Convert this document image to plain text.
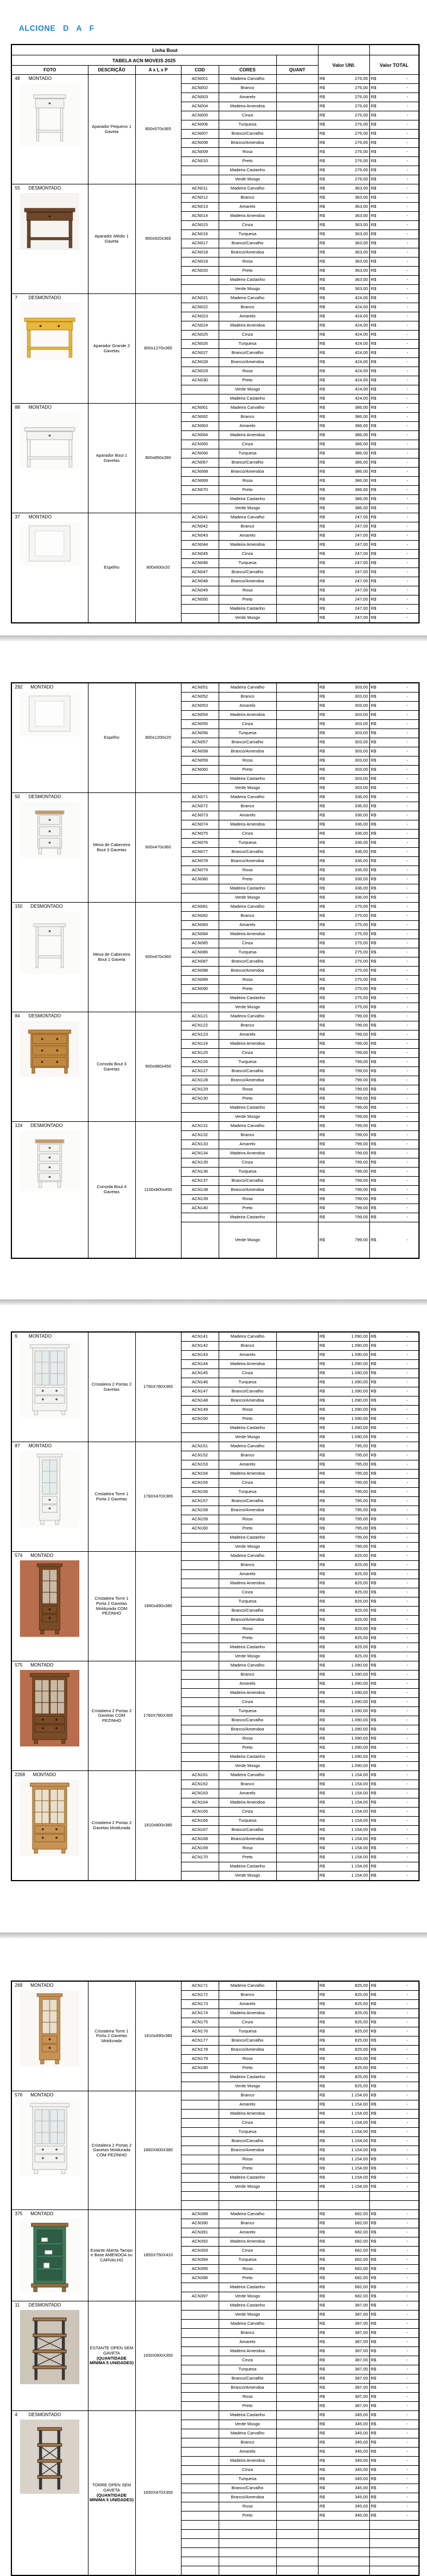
ALCIONE D A F
Linha Bout							
TABELA ACN MOVEIS 2025						Valor UNI.	Valor TOTAL
FOTO	DESCRIÇÃO	A x L x P	COD	CORES	QUANT		

48 MONTADO	Aparador Pequeno 1 Gaveta	800x570x365	ACN001	Madeira Carvalho		R$ 276,00	R$ -

			ACN002	Branco		R$ 276,00	R$ -

			ACN003	Amarelo		R$ 276,00	R$ -

			ACN004	Madeira Amendoa		R$ 276,00	R$ -

			ACN005	Cinza		R$ 276,00	R$ -

			ACN006	Turquesa		R$ 276,00	R$ -

			ACN007	Branco/Carvalho		R$ 276,00	R$ -

			ACN008	Branco/Amendoa		R$ 276,00	R$ -

			ACN009	Rosa		R$ 276,00	R$ -

			ACN010	Preto		R$ 276,00	R$ -

				Madeira Castanho		R$ 276,00	R$ -

				Verde Musgo		R$ 276,00	R$ -

55 DESMONTADO	Aparador Médio 1 Gaveta	800x920x365	ACN011	Madeira Carvalho		R$ 363,00	R$ -

			ACN012	Branco		R$ 363,00	R$ -

			ACN013	Amarelo		R$ 363,00	R$ -

			ACN014	Madeira Amendoa		R$ 363,00	R$ -

			ACN015	Cinza		R$ 363,00	R$ -

			ACN016	Turquesa		R$ 363,00	R$ -

			ACN017	Branco/Carvalho		R$ 363,00	R$ -

			ACN018	Branco/Amendoa		R$ 363,00	R$ -

			ACN019	Rosa		R$ 363,00	R$ -

			ACN020	Preto		R$ 363,00	R$ -

				Madeira Castanho		R$ 363,00	R$ -

				Verde Musgo		R$ 363,00	R$ -

7 DESMONTADO	Aparador Grande 2 Gavetas	800x1270x365	ACN021	Madeira Carvalho		R$ 424,00	R$ -

			ACN022	Branco		R$ 424,00	R$ -

			ACN023	Amarelo		R$ 424,00	R$ -

			ACN024	Madeira Amendoa		R$ 424,00	R$ -

			ACN025	Cinza		R$ 424,00	R$ -

			ACN026	Turquesa		R$ 424,00	R$ -

			ACN027	Branco/Carvalho		R$ 424,00	R$ -

			ACN028	Branco/Amendoa		R$ 424,00	R$ -

			ACN029	Rosa		R$ 424,00	R$ -

			ACN030	Preto		R$ 424,00	R$ -

				Verde Musgo		R$ 424,00	R$ -

				Madeira Castanho		R$ 424,00	R$ -

88 MONTADO	Aparador Bout 1 Gavetas	800x850x390	ACN061	Madeira Carvalho		R$ 386,00	R$ -

			ACN062	Branco		R$ 386,00	R$ -

			ACN063	Amarelo		R$ 386,00	R$ -

			ACN064	Madeira Amendoa		R$ 386,00	R$ -

			ACN065	Cinza		R$ 386,00	R$ -

			ACN066	Turquesa		R$ 386,00	R$ -

			ACN067	Branco/Carvalho		R$ 386,00	R$ -

			ACN068	Branco/Amendoa		R$ 386,00	R$ -

			ACN069	Rosa		R$ 386,00	R$ -

			ACN070	Preto		R$ 386,00	R$ -

				Madeira Castanho		R$ 386,00	R$ -

				Verde Musgo		R$ 386,00	R$ -

37 MONTADO	Espelho	800x600x20	ACN041	Madeira Carvalho		R$ 247,00	R$ -

			ACN042	Branco		R$ 247,00	R$ -

			ACN043	Amarelo		R$ 247,00	R$ -

			ACN044	Madeira Amendoa		R$ 247,00	R$ -

			ACN045	Cinza		R$ 247,00	R$ -

			ACN046	Turquesa		R$ 247,00	R$ -

			ACN047	Branco/Carvalho		R$ 247,00	R$ -

			ACN048	Branco/Amendoa		R$ 247,00	R$ -

			ACN049	Rosa		R$ 247,00	R$ -

			ACN050	Preto		R$ 247,00	R$ -

				Madeira Castanho		R$ 247,00	R$ -

				Verde Musgo		R$ 247,00	R$ -
292 MONTADO	Espelho	800x1200x20	ACN051	Madeira Carvalho		R$ 303,00	R$ -

			ACN052	Branco		R$ 303,00	R$ -

			ACN053	Amarelo		R$ 303,00	R$ -

			ACN054	Madeira Amendoa		R$ 303,00	R$ -

			ACN055	Cinza		R$ 303,00	R$ -

			ACN056	Turquesa		R$ 303,00	R$ -

			ACN057	Branco/Carvalho		R$ 303,00	R$ -

			ACN058	Branco/Amendoa		R$ 303,00	R$ -

			ACN059	Rosa		R$ 303,00	R$ -

			ACN060	Preto		R$ 303,00	R$ -

				Madeira Castanho		R$ 303,00	R$ -

				Verde Musgo		R$ 303,00	R$ -

50 DESMONTADO	Mesa de Cabeceira Bout 3 Gavetas	600x470x360	ACN071	Madeira Carvalho		R$ 336,00	R$ -

			ACN072	Branco		R$ 336,00	R$ -

			ACN073	Amarelo		R$ 336,00	R$ -

			ACN074	Madeira Amendoa		R$ 336,00	R$ -

			ACN075	Cinza		R$ 336,00	R$ -

			ACN076	Turquesa		R$ 336,00	R$ -

			ACN077	Branco/Carvalho		R$ 336,00	R$ -

			ACN078	Branco/Amendoa		R$ 336,00	R$ -

			ACN079	Rosa		R$ 336,00	R$ -

			ACN080	Preto		R$ 336,00	R$ -

				Madeira Castanho		R$ 336,00	R$ -

				Verde Musgo		R$ 336,00	R$ -

150 DESMONTADO	Mesa de Cabeceira Bout 1 Gaveta	600x470x360	ACN081	Madeira Carvalho		R$ 275,00	R$ -

			ACN082	Branco		R$ 275,00	R$ -

			ACN083	Amarelo		R$ 275,00	R$ -

			ACN084	Madeira Amendoa		R$ 275,00	R$ -

			ACN085	Cinza		R$ 275,00	R$ -

			ACN086	Turquesa		R$ 275,00	R$ -

			ACN087	Branco/Carvalho		R$ 275,00	R$ -

			ACN088	Branco/Amendoa		R$ 275,00	R$ -

			ACN089	Rosa		R$ 275,00	R$ -

			ACN090	Preto		R$ 275,00	R$ -

				Madeira Castanho		R$ 275,00	R$ -

				Verde Musgo		R$ 275,00	R$ -

84 DESMONTADO	Comoda Bout 3 Gavetas	900x980x450	ACN121	Madeira Carvalho		R$ 799,00	R$ -

			ACN122	Branco		R$ 799,00	R$ -

			ACN123	Amarelo		R$ 799,00	R$ -

			ACN124	Madeira Amendoa		R$ 799,00	R$ -

			ACN125	Cinza		R$ 799,00	R$ -

			ACN126	Turquesa		R$ 799,00	R$ -

			ACN127	Branco/Carvalho		R$ 799,00	R$ -

			ACN128	Branco/Amendoa		R$ 799,00	R$ -

			ACN129	Rosa		R$ 799,00	R$ -

			ACN130	Preto		R$ 799,00	R$ -

				Madeira Castanho		R$ 799,00	R$ -

				Verde Musgo		R$ 799,00	R$ -

124 DESMONTADO	Comoda Bout 4 Gavetas	1100x800x450	ACN131	Madeira Carvalho		R$ 799,00	R$ -

			ACN132	Branco		R$ 799,00	R$ -

			ACN133	Amarelo		R$ 799,00	R$ -

			ACN134	Madeira Amendoa		R$ 799,00	R$ -

			ACN135	Cinza		R$ 799,00	R$ -

			ACN136	Turquesa		R$ 799,00	R$ -

			ACN137	Branco/Carvalho		R$ 799,00	R$ -

			ACN138	Branco/Amendoa		R$ 799,00	R$ -

			ACN139	Rosa		R$ 799,00	R$ -

			ACN140	Preto		R$ 799,00	R$ -

				Madeira Castanho		R$ 799,00	R$ -

				Verde Musgo		R$ 799,00	R$ -
6 MONTADO	Cristaleira 2 Portas 2 Gavetas	1760X780X365	ACN141	Madeira Carvalho		R$ 1.090,00	R$ -

			ACN142	Branco		R$ 1.090,00	R$ -

			ACN143	Amarelo		R$ 1.090,00	R$ -

			ACN144	Madeira Amendoa		R$ 1.090,00	R$ -

			ACN145	Cinza		R$ 1.090,00	R$ -

			ACN146	Turquesa		R$ 1.090,00	R$ -

			ACN147	Branco/Carvalho		R$ 1.090,00	R$ -

			ACN148	Branco/Amendoa		R$ 1.090,00	R$ -

			ACN149	Rosa		R$ 1.090,00	R$ -

			ACN150	Preto		R$ 1.090,00	R$ -

				Madeira Castanho		R$ 1.090,00	R$ -

				Verde Musgo		R$ 1.090,00	R$ -

87 MONTADO	Cristaleira Torre 1 Porta 2 Gavetas	1760X470X365	ACN151	Madeira Carvalho		R$ 795,00	R$ -

			ACN152	Branco		R$ 795,00	R$ -

			ACN153	Amarelo		R$ 795,00	R$ -

			ACN154	Madeira Amendoa		R$ 795,00	R$ -

			ACN155	Cinza		R$ 795,00	R$ -

			ACN156	Turquesa		R$ 795,00	R$ -

			ACN157	Branco/Carvalho		R$ 795,00	R$ -

			ACN158	Branco/Amendoa		R$ 795,00	R$ -

			ACN159	Rosa		R$ 795,00	R$ -

			ACN160	Preto		R$ 795,00	R$ -

				Madeira Castanho		R$ 795,00	R$ -

				Verde Musgo		R$ 795,00	R$ -

574 MONTADO	Cristaleira Torre 1 Porta 2 Gavetas Moldurada COM PEZINHO	1860x490x380		Madeira Carvalho		R$ 825,00	R$ -

				Branco		R$ 825,00	R$ -

				Amarelo		R$ 825,00	R$ -

				Madeira Amendoa		R$ 825,00	R$ -

				Cinza		R$ 825,00	R$ -

				Turquesa		R$ 825,00	R$ -

				Branco/Carvalho		R$ 825,00	R$ -

				Branco/Amendoa		R$ 825,00	R$ -

				Rosa		R$ 825,00	R$ -

				Preto		R$ 825,00	R$ -

				Madeira Castanho		R$ 825,00	R$ -

				Verde Musgo		R$ 825,00	R$ -

575 MONTADO	Cristaleira 2 Portas 2 Gavetas COM PEZINHO	1760X780X365		Madeira Carvalho		R$ 1.090,00	R$ -

				Branco		R$ 1.090,00	R$ -

				Amarelo		R$ 1.090,00	R$ -

				Madeira Amendoa		R$ 1.090,00	R$ -

				Cinza		R$ 1.090,00	R$ -

				Turquesa		R$ 1.090,00	R$ -

				Branco/Carvalho		R$ 1.090,00	R$ -

				Branco/Amendoa		R$ 1.090,00	R$ -

				Rosa		R$ 1.090,00	R$ -

				Preto		R$ 1.090,00	R$ -

				Madeira Castanho		R$ 1.090,00	R$ -

				Verde Musgo		R$ 1.090,00	R$ -

2269 MONTADO	Cristaleira 2 Portas 2 Gavetas Moldurada	1810x800x380	ACN161	Madeira Carvalho		R$ 1.154,00	R$ -

			ACN162	Branco		R$ 1.154,00	R$ -

			ACN163	Amarelo		R$ 1.154,00	R$ -

			ACN164	Madeira Amendoa		R$ 1.154,00	R$ -

			ACN165	Cinza		R$ 1.154,00	R$ -

			ACN166	Turquesa		R$ 1.154,00	R$ -

			ACN167	Branco/Carvalho		R$ 1.154,00	R$ -

			ACN168	Branco/Amendoa		R$ 1.154,00	R$ -

			ACN169	Rosa		R$ 1.154,00	R$ -

			ACN170	Preto		R$ 1.154,00	R$ -

				Madeira Castanho		R$ 1.154,00	R$ -

				Verde Musgo		R$ 1.154,00	R$ -
269 MONTADO	Cristaleira Torre 1 Porta 2 Gavetas Moldurada	1810x490x380	ACN171	Madeira Carvalho		R$ 825,00	R$ -

			ACN172	Branco		R$ 825,00	R$ -

			ACN173	Amarelo		R$ 825,00	R$ -

			ACN174	Madeira Amendoa		R$ 825,00	R$ -

			ACN175	Cinza		R$ 825,00	R$ -

			ACN176	Turquesa		R$ 825,00	R$ -

			ACN177	Branco/Carvalho		R$ 825,00	R$ -

			ACN178	Branco/Amendoa		R$ 825,00	R$ -

			ACN179	Rosa		R$ 825,00	R$ -

			ACN180	Preto		R$ 825,00	R$ -

				Madeira Castanho		R$ 825,00	R$ -

				Verde Musgo		R$ 825,00	R$ -

576 MONTADO	Cristaleira 2 Portas 2 Gavetas Moldurada COM PEZINHO	1860X800X380		Branco		R$ 1.154,00	R$ -

				Amarelo		R$ 1.154,00	R$ -

				Madeira Amendoa		R$ 1.154,00	R$ -

				Cinza		R$ 1.154,00	R$ -

				Turquesa		R$ 1.154,00	R$ -

				Branco/Carvalho		R$ 1.154,00	R$ -

				Branco/Amendoa		R$ 1.154,00	R$ -

				Rosa		R$ 1.154,00	R$ -

				Preto		R$ 1.154,00	R$ -

				Madeira Castanho		R$ 1.154,00	R$ -

				Verde Musgo		R$ 1.154,00	R$ -

375 MONTADO	Estante Aberta Tampo e Base AMENDOA ou CARVALHO	1850X750X410	ACN389	Madeira Carvalho		R$ 682,00	R$ -

			ACN390	Branco		R$ 682,00	R$ -

			ACN391	Amarelo		R$ 682,00	R$ -

			ACN392	Madeira Amendoa		R$ 682,00	R$ -

			ACN393	Cinza		R$ 682,00	R$ -

			ACN394	Turquesa		R$ 682,00	R$ -

			ACN395	Rosa		R$ 682,00	R$ -

			ACN396	Preto		R$ 682,00	R$ -

				Madeira Castanho		R$ 682,00	R$ -

			ACN397	Verde Musgo		R$ 682,00	R$ -

11 DESMONTADO	ESTANTE OPEN SEM GAVETA
(QUANTIDADE MÍNIMA 5 UNIDADES)	1650X800X350		Madeira Castanho		R$ 387,00	R$ -

				Verde Musgo		R$ 387,00	R$ -

				Madeira Carvalho		R$ 387,00	R$ -

				Branco		R$ 387,00	R$ -

				Amarelo		R$ 387,00	R$ -

				Madeira Amendoa		R$ 387,00	R$ -

				Cinza		R$ 387,00	R$ -

				Turquesa		R$ 387,00	R$ -

				Branco/Carvalho		R$ 387,00	R$ -

				Branco/Amendoa		R$ 387,00	R$ -

				Rosa		R$ 387,00	R$ -

				Preto		R$ 387,00	R$ -

4 DESMONTADO	TORRE OPEN SEM GAVETA
(QUANTIDADE MÍNIMA 5 UNIDADES)	1650X470X350		Madeira Castanho		R$ 345,00	R$ -

				Verde Musgo		R$ 345,00	R$ -

				Madeira Carvalho		R$ 345,00	R$ -

				Branco		R$ 345,00	R$ -

				Amarelo		R$ 345,00	R$ -

				Madeira Amendoa		R$ 345,00	R$ -

				Cinza		R$ 345,00	R$ -

				Turquesa		R$ 345,00	R$ -

				Branco/Carvalho		R$ 345,00	R$ -

				Branco/Amendoa		R$ 345,00	R$ -

				Rosa		R$ 345,00	R$ -

				Preto		R$ 345,00	R$ -
